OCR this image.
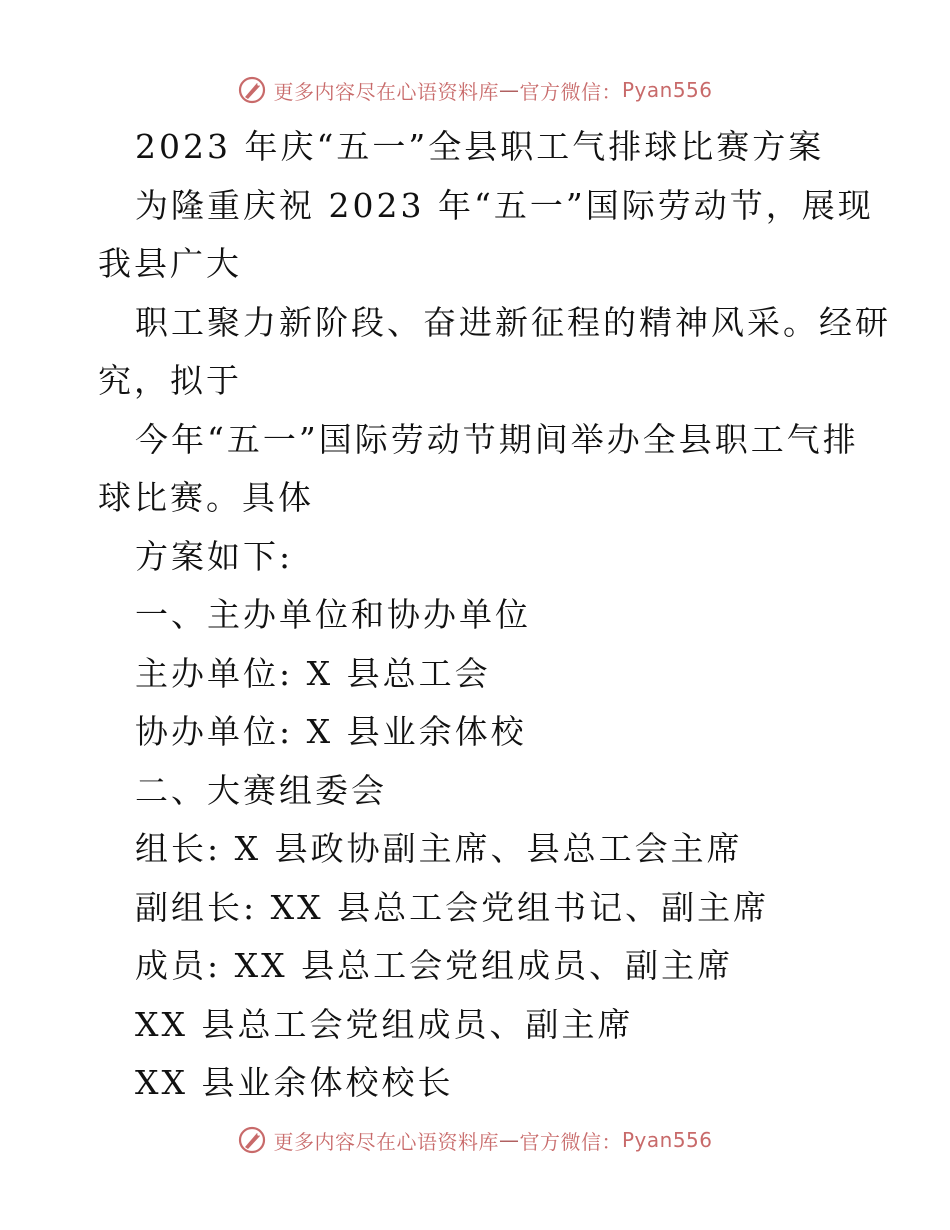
更多内容尽在心语资料库 — 官方微信： Pyan556

2023 年庆“五一”全县职工气排球比赛方案

为隆重庆祝 2023 年“五一”国际劳动节，展现

我县广大

职工聚力新阶段、奋进新征程的精神风采。经研

究，拟于

今年“五一”国际劳动节期间举办全县职工气排

球比赛。具体

方案如下:

一、主办单位和协办单位

主办单位: X 县总工会

协办单位: X 县业余体校

二、大赛组委会

组长: X 县政协副主席、县总工会主席

副组长: XX 县总工会党组书记、副主席

成员: XX 县总工会党组成员、副主席

XX 县总工会党组成员、副主席

XX 县业余体校校长

更多内容尽在心语资料库 — 官方微信： Pyan556
